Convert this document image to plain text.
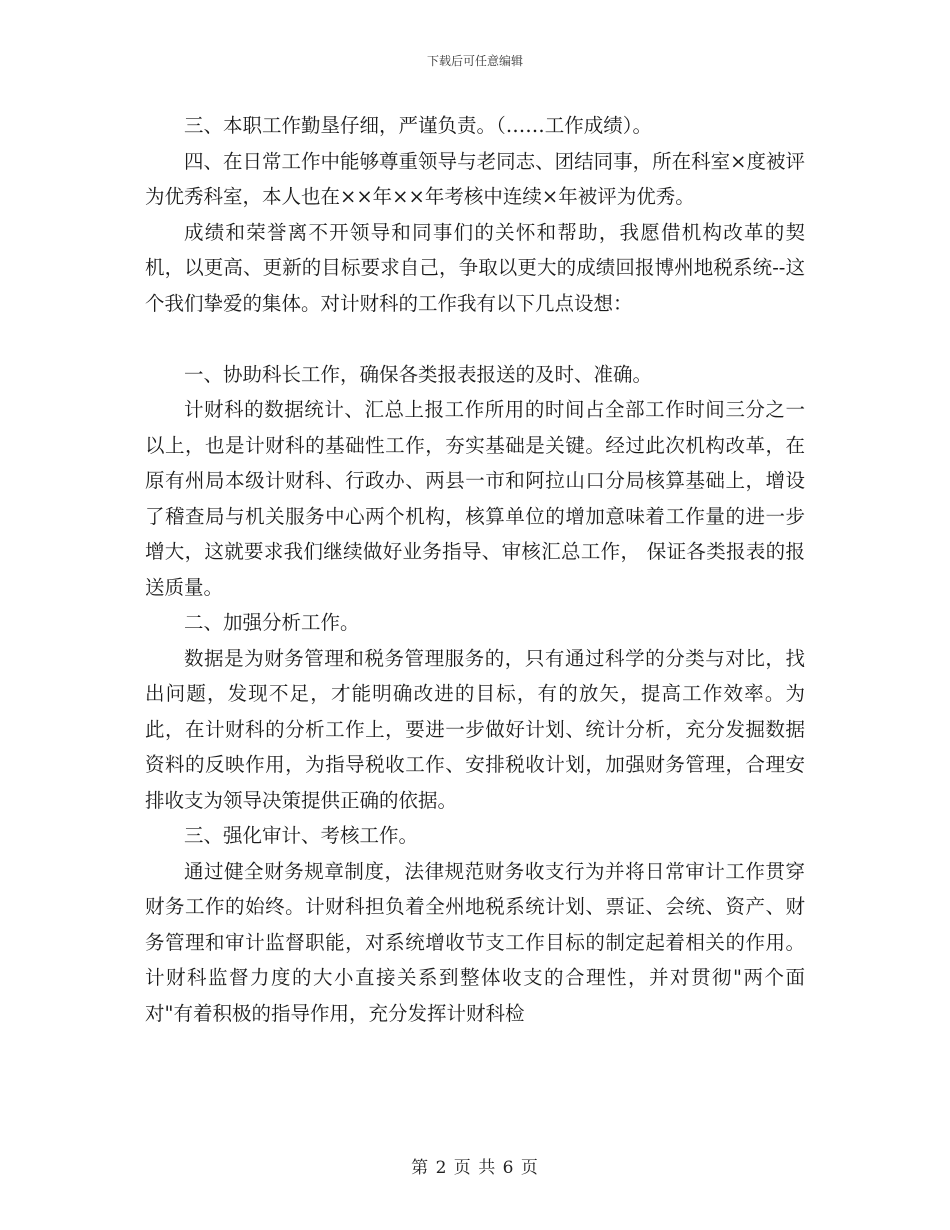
下载后可任意编辑

三、本职工作勤垦仔细，严谨负责。（……工作成绩）。

四、在日常工作中能够尊重领导与老同志、团结同事，所在科室×度被评为优秀科室，本人也在××年××年考核中连续×年被评为优秀。

成绩和荣誉离不开领导和同事们的关怀和帮助，我愿借机构改革的契机，以更高、更新的目标要求自己，争取以更大的成绩回报博州地税系统--这个我们挚爱的集体。对计财科的工作我有以下几点设想：

一、协助科长工作，确保各类报表报送的及时、准确。

计财科的数据统计、汇总上报工作所用的时间占全部工作时间三分之一以上，也是计财科的基础性工作，夯实基础是关键。经过此次机构改革，在原有州局本级计财科、行政办、两县一市和阿拉山口分局核算基础上，增设了稽查局与机关服务中心两个机构，核算单位的增加意味着工作量的进一步增大，这就要求我们继续做好业务指导、审核汇总工作， 保证各类报表的报送质量。

二、加强分析工作。

数据是为财务管理和税务管理服务的，只有通过科学的分类与对比，找出问题，发现不足，才能明确改进的目标，有的放矢，提高工作效率。为此，在计财科的分析工作上，要进一步做好计划、统计分析，充分发掘数据资料的反映作用，为指导税收工作、安排税收计划，加强财务管理，合理安排收支为领导决策提供正确的依据。

三、强化审计、考核工作。

通过健全财务规章制度，法律规范财务收支行为并将日常审计工作贯穿财务工作的始终。计财科担负着全州地税系统计划、票证、会统、资产、财务管理和审计监督职能，对系统增收节支工作目标的制定起着相关的作用。计财科监督力度的大小直接关系到整体收支的合理性，并对贯彻"两个面对"有着积极的指导作用，充分发挥计财科检

第 2 页 共 6 页
